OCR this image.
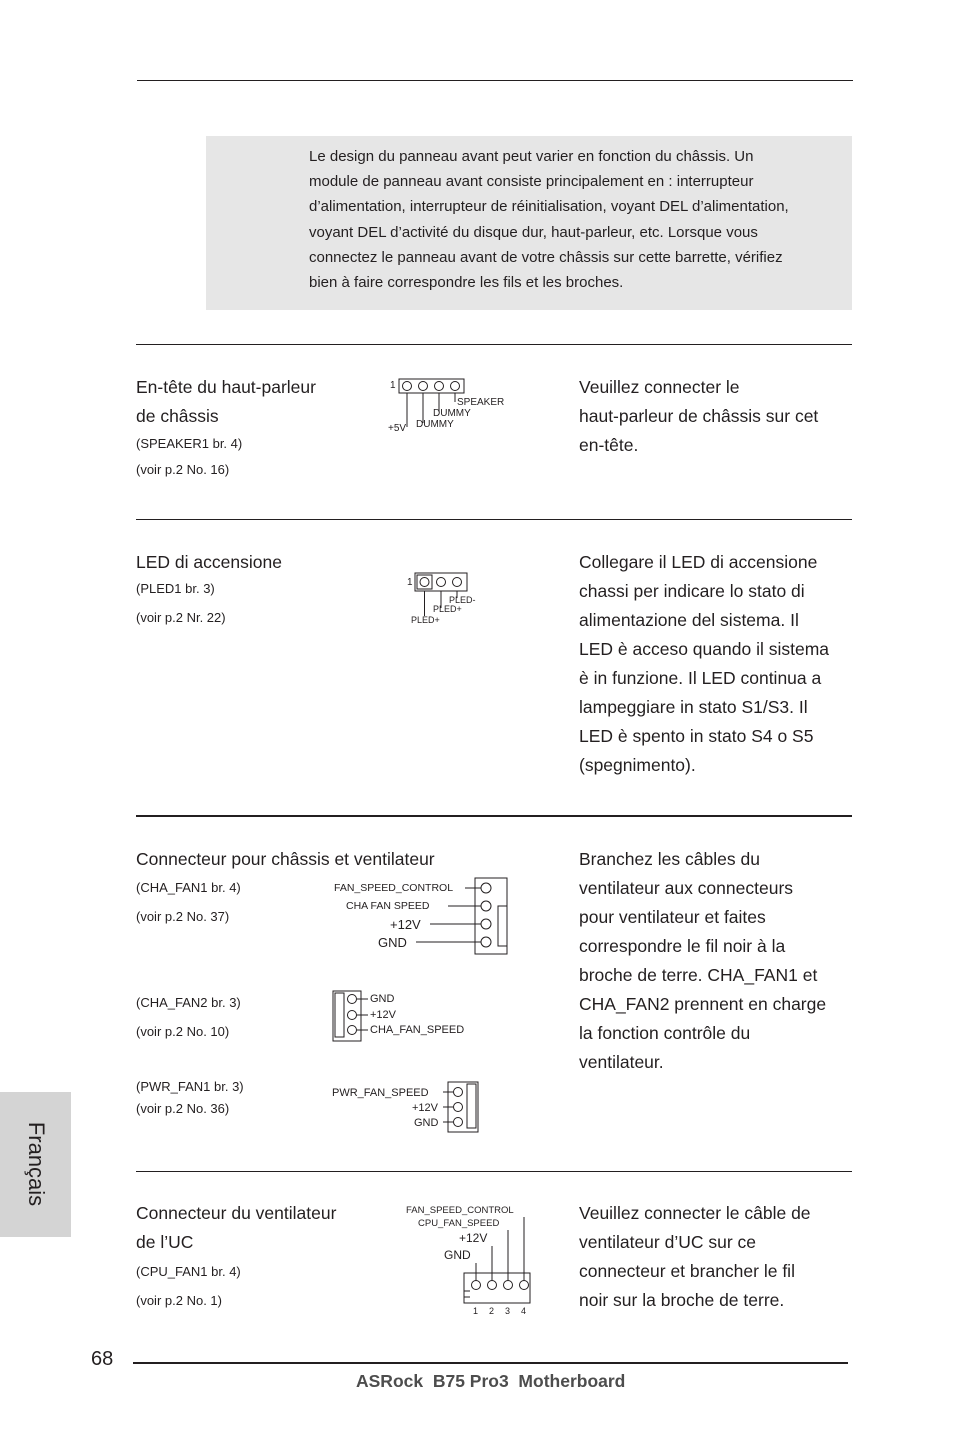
Le design du panneau avant peut varier en fonction du châssis. Un
module de panneau avant consiste principalement en : interrupteur
d’alimentation, interrupteur de réinitialisation, voyant DEL d’alimentation,
voyant DEL d’activité du disque dur, haut-parleur, etc. Lorsque vous
connectez le panneau avant de votre châssis sur cette barrette, vérifiez
bien à faire correspondre les fils et les broches.

En-tête du haut-parleur
de châssis
(SPEAKER1 br. 4)
(voir p.2 No. 16)
1
SPEAKER
DUMMY
+5V DUMMY
Veuillez connecter le
haut-parleur de châssis sur cet
en-tête.
LED di accensione
(PLED1 br. 3)
(voir p.2 Nr. 22)
1
PLED-
PLED+
PLED+
Collegare il LED di accensione
chassi per indicare lo stato di
alimentazione del sistema. Il
LED è acceso quando il sistema
è in funzione. Il LED continua a
lampeggiare in stato S1/S3. Il
LED è spento in stato S4 o S5
(spegnimento).
Connecteur pour châssis et ventilateur
(CHA_FAN1 br. 4)
(voir p.2 No. 37)
(CHA_FAN2 br. 3)
(voir p.2 No. 10)
(PWR_FAN1 br. 3)
(voir p.2 No. 36)
FAN_SPEED_CONTROL
CHA FAN SPEED
+12V
GND
GND
+12V
CHA_FAN_SPEED
PWR_FAN_SPEED
+12V
GND
Branchez les câbles du
ventilateur aux connecteurs
pour ventilateur et faites
correspondre le fil noir à la
broche de terre. CHA_FAN1 et
CHA_FAN2 prennent en charge
la fonction contrôle du
ventilateur.
Connecteur du ventilateur
de l’UC
(CPU_FAN1 br. 4)
(voir p.2 No. 1)
FAN_SPEED_CONTROL
CPU_FAN_SPEED
+12V
GND
1 2 3 4
Veuillez connecter le câble de
ventilateur d’UC sur ce
connecteur et brancher le fil
noir sur la broche de terre.
Français
68
ASRock  B75 Pro3  Motherboard
